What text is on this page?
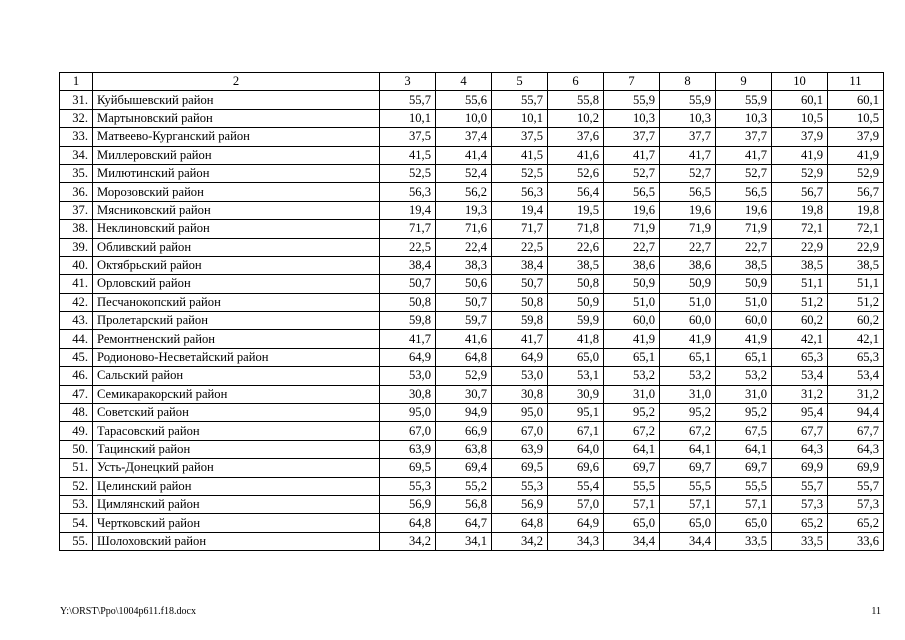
1	2	3	4	5	6	7	8	9	10	11
31.	Куйбышевский район	55,7	55,6	55,7	55,8	55,9	55,9	55,9	60,1	60,1
32.	Мартыновский район	10,1	10,0	10,1	10,2	10,3	10,3	10,3	10,5	10,5
33.	Матвеево-Курганский район	37,5	37,4	37,5	37,6	37,7	37,7	37,7	37,9	37,9
34.	Миллеровский район	41,5	41,4	41,5	41,6	41,7	41,7	41,7	41,9	41,9
35.	Милютинский район	52,5	52,4	52,5	52,6	52,7	52,7	52,7	52,9	52,9
36.	Морозовский район	56,3	56,2	56,3	56,4	56,5	56,5	56,5	56,7	56,7
37.	Мясниковский район	19,4	19,3	19,4	19,5	19,6	19,6	19,6	19,8	19,8
38.	Неклиновский район	71,7	71,6	71,7	71,8	71,9	71,9	71,9	72,1	72,1
39.	Обливский район	22,5	22,4	22,5	22,6	22,7	22,7	22,7	22,9	22,9
40.	Октябрьский район	38,4	38,3	38,4	38,5	38,6	38,6	38,5	38,5	38,5
41.	Орловский район	50,7	50,6	50,7	50,8	50,9	50,9	50,9	51,1	51,1
42.	Песчанокопский район	50,8	50,7	50,8	50,9	51,0	51,0	51,0	51,2	51,2
43.	Пролетарский район	59,8	59,7	59,8	59,9	60,0	60,0	60,0	60,2	60,2
44.	Ремонтненский район	41,7	41,6	41,7	41,8	41,9	41,9	41,9	42,1	42,1
45.	Родионово-Несветайский район	64,9	64,8	64,9	65,0	65,1	65,1	65,1	65,3	65,3
46.	Сальский район	53,0	52,9	53,0	53,1	53,2	53,2	53,2	53,4	53,4
47.	Семикаракорский район	30,8	30,7	30,8	30,9	31,0	31,0	31,0	31,2	31,2
48.	Советский район	95,0	94,9	95,0	95,1	95,2	95,2	95,2	95,4	94,4
49.	Тарасовский район	67,0	66,9	67,0	67,1	67,2	67,2	67,5	67,7	67,7
50.	Тацинский район	63,9	63,8	63,9	64,0	64,1	64,1	64,1	64,3	64,3
51.	Усть-Донецкий район	69,5	69,4	69,5	69,6	69,7	69,7	69,7	69,9	69,9
52.	Целинский район	55,3	55,2	55,3	55,4	55,5	55,5	55,5	55,7	55,7
53.	Цимлянский район	56,9	56,8	56,9	57,0	57,1	57,1	57,1	57,3	57,3
54.	Чертковский район	64,8	64,7	64,8	64,9	65,0	65,0	65,0	65,2	65,2
55.	Шолоховский район	34,2	34,1	34,2	34,3	34,4	34,4	33,5	33,5	33,6
Y:\ORST\Ppo\1004p611.f18.docx	11
